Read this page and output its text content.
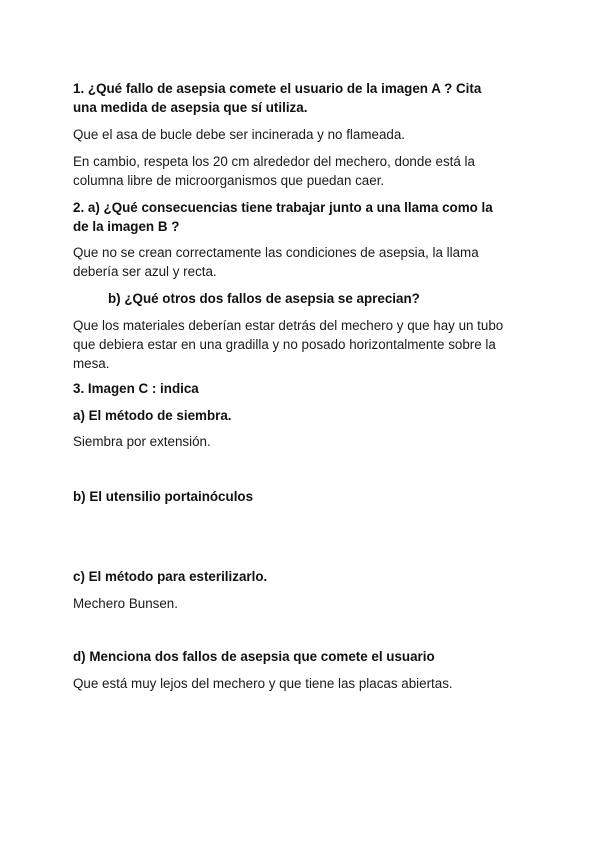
1. ¿Qué fallo de asepsia comete el usuario de la imagen A ? Cita
una medida de asepsia que sí utiliza.
Que el asa de bucle debe ser incinerada y no flameada.
En cambio, respeta los 20 cm alrededor del mechero, donde está la
columna libre de microorganismos que puedan caer.
2. a) ¿Qué consecuencias tiene trabajar junto a una llama como la
de la imagen B ?
Que no se crean correctamente las condiciones de asepsia, la llama
debería ser azul y recta.
b) ¿Qué otros dos fallos de asepsia se aprecian?
Que los materiales deberían estar detrás del mechero y que hay un tubo
que debiera estar en una gradilla y no posado horizontalmente sobre la
mesa.
3. Imagen C : indica
a) El método de siembra.
Siembra por extensión.
b) El utensilio portainóculos
c) El método para esterilizarlo.
Mechero Bunsen.
d) Menciona dos fallos de asepsia que comete el usuario
Que está muy lejos del mechero y que tiene las placas abiertas.
